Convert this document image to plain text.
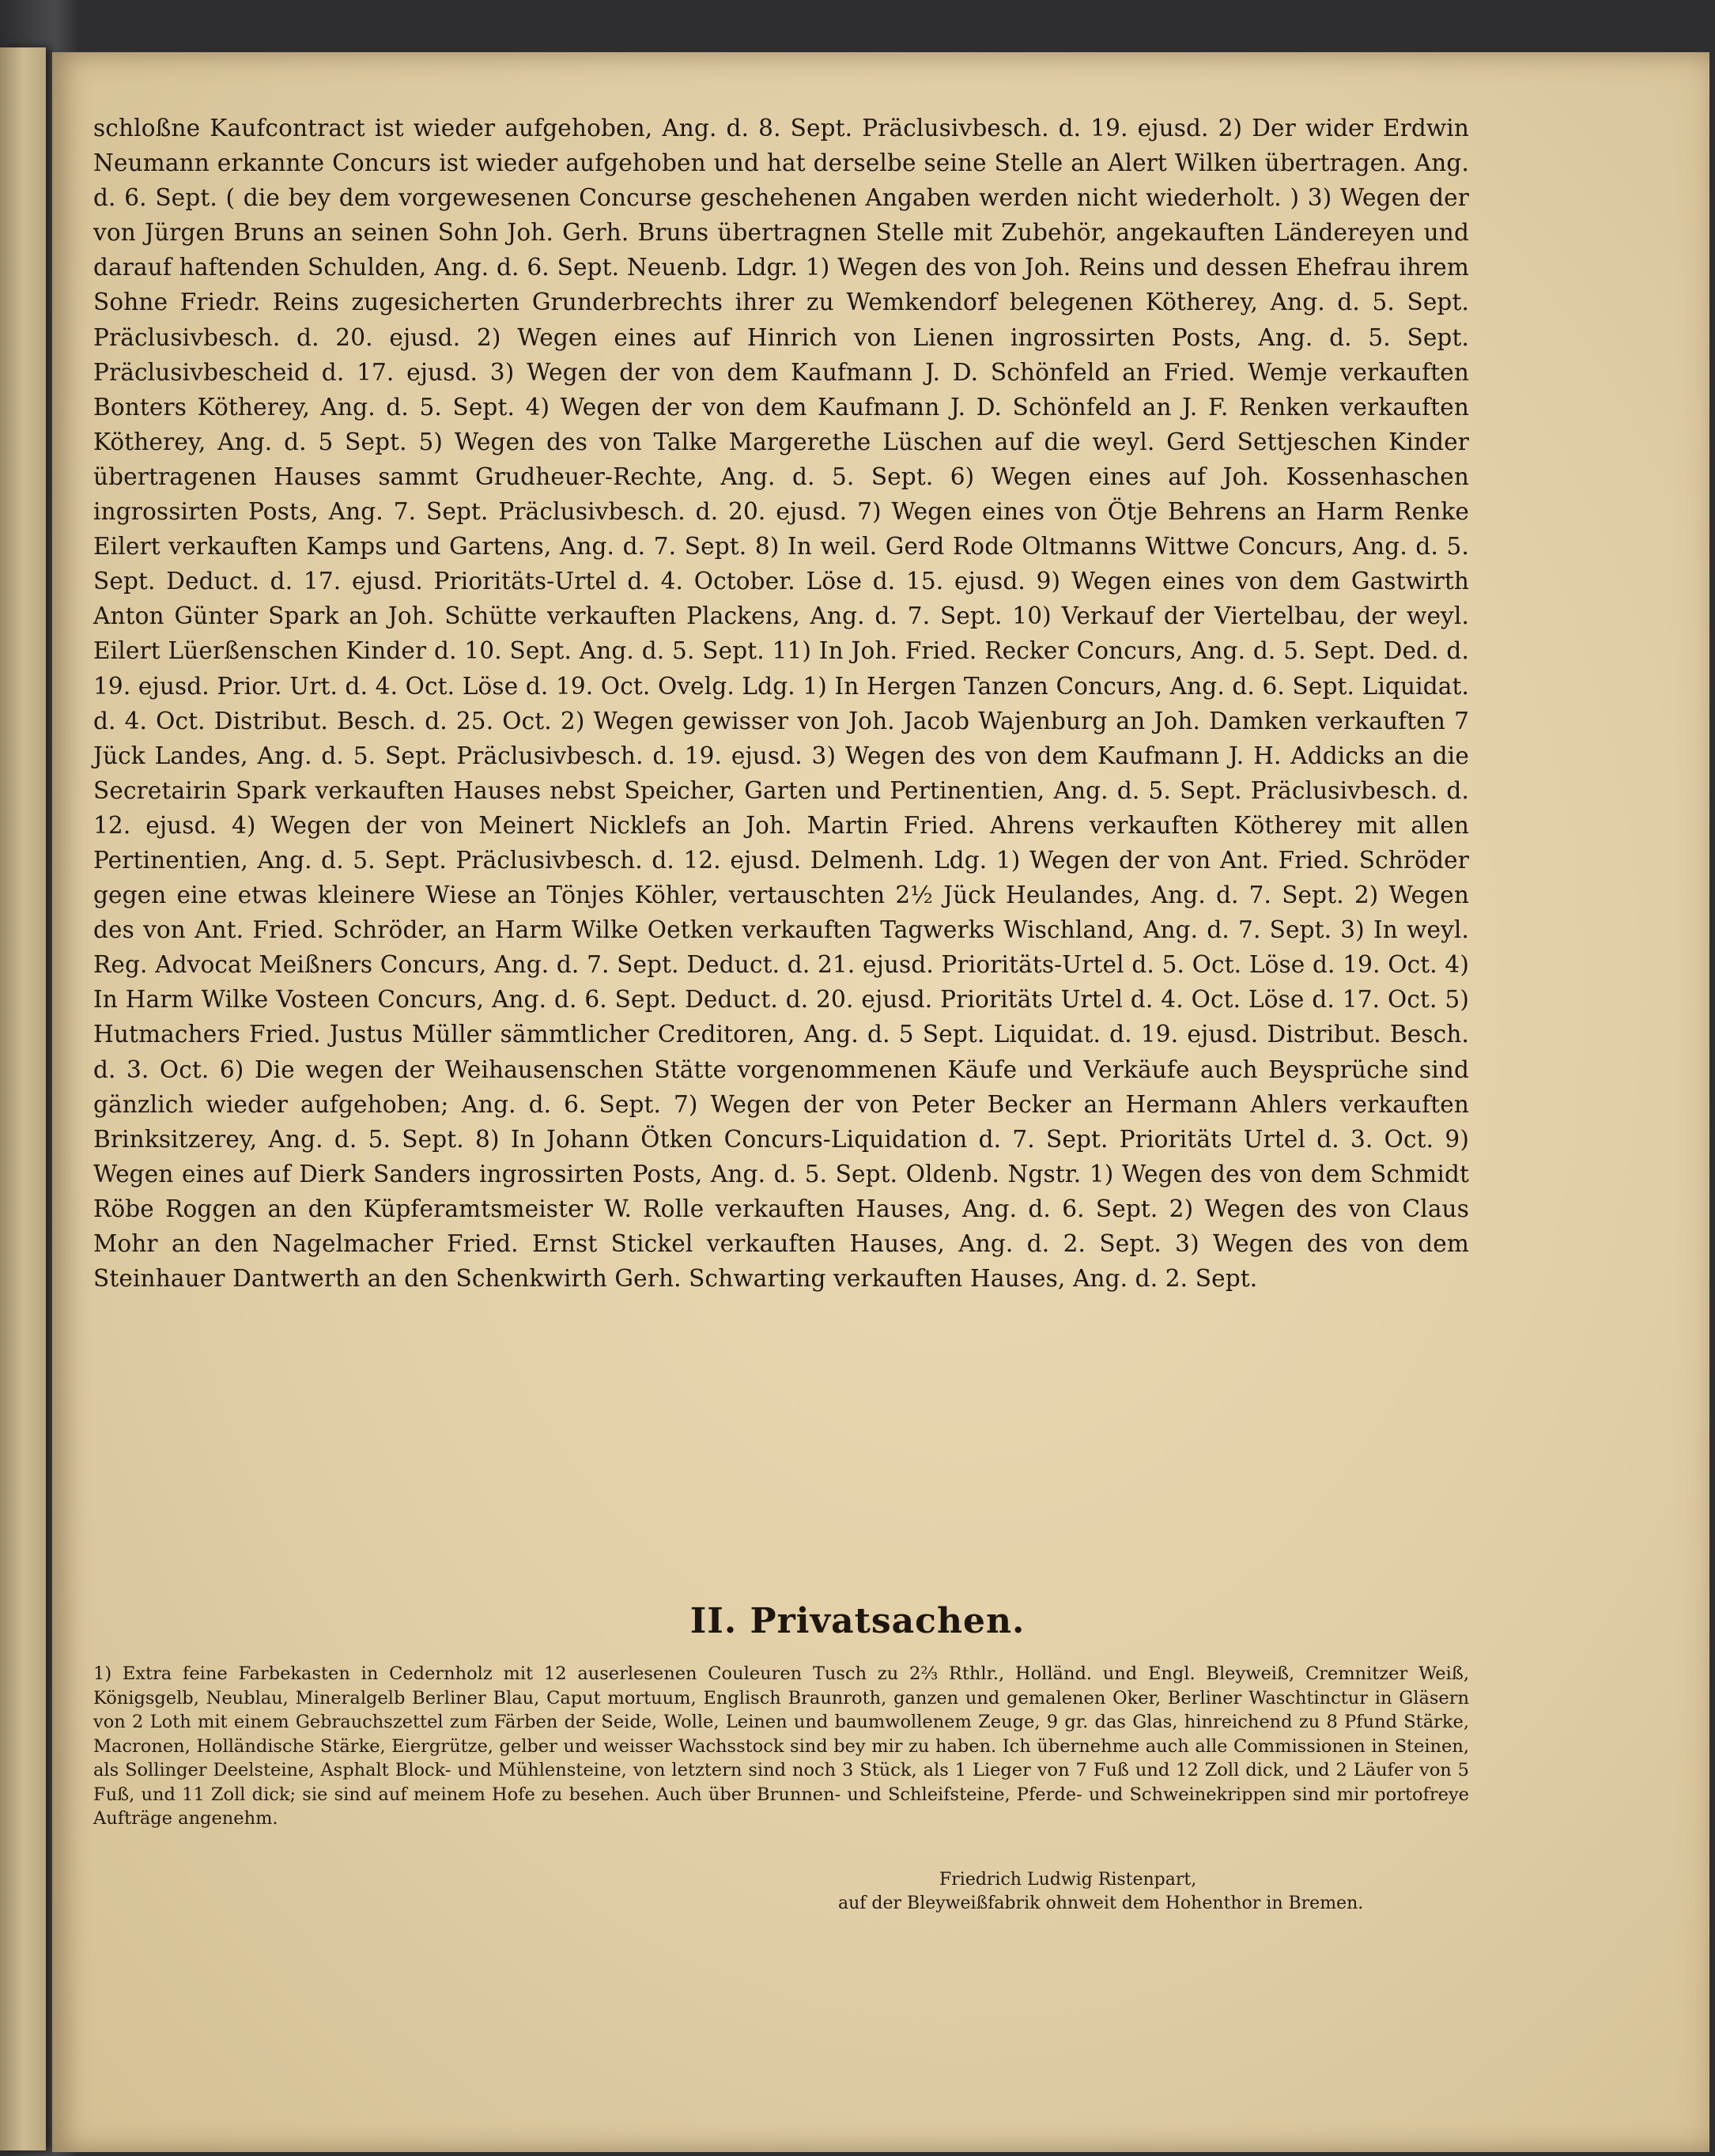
schloßne Kaufcontract ist wieder aufgehoben, Ang. d. 8. Sept. Präclusivbesch. d. 19. ejusd. 2) Der wider Erdwin Neumann erkannte Concurs ist wieder aufgehoben und hat derselbe seine Stelle an Alert Wilken übertragen. Ang. d. 6. Sept. ( die bey dem vorgewesenen Concurse geschehenen Angaben werden nicht wiederholt. ) 3) Wegen der von Jürgen Bruns an seinen Sohn Joh. Gerh. Bruns übertragnen Stelle mit Zubehör, angekauften Ländereyen und darauf haftenden Schulden, Ang. d. 6. Sept. Neuenb. Ldgr. 1) Wegen des von Joh. Reins und dessen Ehefrau ihrem Sohne Friedr. Reins zugesicherten Grunderbrechts ihrer zu Wemkendorf belegenen Kötherey, Ang. d. 5. Sept. Präclusivbesch. d. 20. ejusd. 2) Wegen eines auf Hinrich von Lienen ingrossirten Posts, Ang. d. 5. Sept. Präclusivbescheid d. 17. ejusd. 3) Wegen der von dem Kaufmann J. D. Schönfeld an Fried. Wemje verkauften Bonters Kötherey, Ang. d. 5. Sept. 4) Wegen der von dem Kaufmann J. D. Schönfeld an J. F. Renken verkauften Kötherey, Ang. d. 5 Sept. 5) Wegen des von Talke Margerethe Lüschen auf die weyl. Gerd Settjeschen Kinder übertragenen Hauses sammt Grudheuer-Rechte, Ang. d. 5. Sept. 6) Wegen eines auf Joh. Kossenhaschen ingrossirten Posts, Ang. 7. Sept. Präclusivbesch. d. 20. ejusd. 7) Wegen eines von Ötje Behrens an Harm Renke Eilert verkauften Kamps und Gartens, Ang. d. 7. Sept. 8) In weil. Gerd Rode Oltmanns Wittwe Concurs, Ang. d. 5. Sept. Deduct. d. 17. ejusd. Prioritäts-Urtel d. 4. October. Löse d. 15. ejusd. 9) Wegen eines von dem Gastwirth Anton Günter Spark an Joh. Schütte verkauften Plackens, Ang. d. 7. Sept. 10) Verkauf der Viertelbau, der weyl. Eilert Lüerßenschen Kinder d. 10. Sept. Ang. d. 5. Sept. 11) In Joh. Fried. Recker Concurs, Ang. d. 5. Sept. Ded. d. 19. ejusd. Prior. Urt. d. 4. Oct. Löse d. 19. Oct. Ovelg. Ldg. 1) In Hergen Tanzen Concurs, Ang. d. 6. Sept. Liquidat. d. 4. Oct. Distribut. Besch. d. 25. Oct. 2) Wegen gewisser von Joh. Jacob Wajenburg an Joh. Damken verkauften 7 Jück Landes, Ang. d. 5. Sept. Präclusivbesch. d. 19. ejusd. 3) Wegen des von dem Kaufmann J. H. Addicks an die Secretairin Spark verkauften Hauses nebst Speicher, Garten und Pertinentien, Ang. d. 5. Sept. Präclusivbesch. d. 12. ejusd. 4) Wegen der von Meinert Nicklefs an Joh. Martin Fried. Ahrens verkauften Kötherey mit allen Pertinentien, Ang. d. 5. Sept. Präclusivbesch. d. 12. ejusd. Delmenh. Ldg. 1) Wegen der von Ant. Fried. Schröder gegen eine etwas kleinere Wiese an Tönjes Köhler, vertauschten 2½ Jück Heulandes, Ang. d. 7. Sept. 2) Wegen des von Ant. Fried. Schröder, an Harm Wilke Oetken verkauften Tagwerks Wischland, Ang. d. 7. Sept. 3) In weyl. Reg. Advocat Meißners Concurs, Ang. d. 7. Sept. Deduct. d. 21. ejusd. Prioritäts-Urtel d. 5. Oct. Löse d. 19. Oct. 4) In Harm Wilke Vosteen Concurs, Ang. d. 6. Sept. Deduct. d. 20. ejusd. Prioritäts Urtel d. 4. Oct. Löse d. 17. Oct. 5) Hutmachers Fried. Justus Müller sämmtlicher Creditoren, Ang. d. 5 Sept. Liquidat. d. 19. ejusd. Distribut. Besch. d. 3. Oct. 6) Die wegen der Weihausenschen Stätte vorgenommenen Käufe und Verkäufe auch Beysprüche sind gänzlich wieder aufgehoben; Ang. d. 6. Sept. 7) Wegen der von Peter Becker an Hermann Ahlers verkauften Brinksitzerey, Ang. d. 5. Sept. 8) In Johann Ötken Concurs-Liquidation d. 7. Sept. Prioritäts Urtel d. 3. Oct. 9) Wegen eines auf Dierk Sanders ingrossirten Posts, Ang. d. 5. Sept. Oldenb. Ngstr. 1) Wegen des von dem Schmidt Röbe Roggen an den Küpferamtsmeister W. Rolle verkauften Hauses, Ang. d. 6. Sept. 2) Wegen des von Claus Mohr an den Nagelmacher Fried. Ernst Stickel verkauften Hauses, Ang. d. 2. Sept. 3) Wegen des von dem Steinhauer Dantwerth an den Schenkwirth Gerh. Schwarting verkauften Hauses, Ang. d. 2. Sept.

II. Privatsachen.

1) Extra feine Farbekasten in Cedernholz mit 12 auserlesenen Couleuren Tusch zu 2⅔ Rthlr., Holländ. und Engl. Bleyweiß, Cremnitzer Weiß, Königsgelb, Neublau, Mineralgelb Berliner Blau, Caput mortuum, Englisch Braunroth, ganzen und gemalenen Oker, Berliner Waschtinctur in Gläsern von 2 Loth mit einem Gebrauchszettel zum Färben der Seide, Wolle, Leinen und baumwollenem Zeuge, 9 gr. das Glas, hinreichend zu 8 Pfund Stärke, Macronen, Holländische Stärke, Eiergrütze, gelber und weisser Wachsstock sind bey mir zu haben. Ich übernehme auch alle Commissionen in Steinen, als Sollinger Deelsteine, Asphalt Block- und Mühlensteine, von letztern sind noch 3 Stück, als 1 Lieger von 7 Fuß und 12 Zoll dick, und 2 Läufer von 5 Fuß, und 11 Zoll dick; sie sind auf meinem Hofe zu besehen. Auch über Brunnen- und Schleifsteine, Pferde- und Schweinekrippen sind mir portofreye Aufträge angenehm.

Friedrich Ludwig Ristenpart,
auf der Bleyweißfabrik ohnweit dem Hohenthor in Bremen.
